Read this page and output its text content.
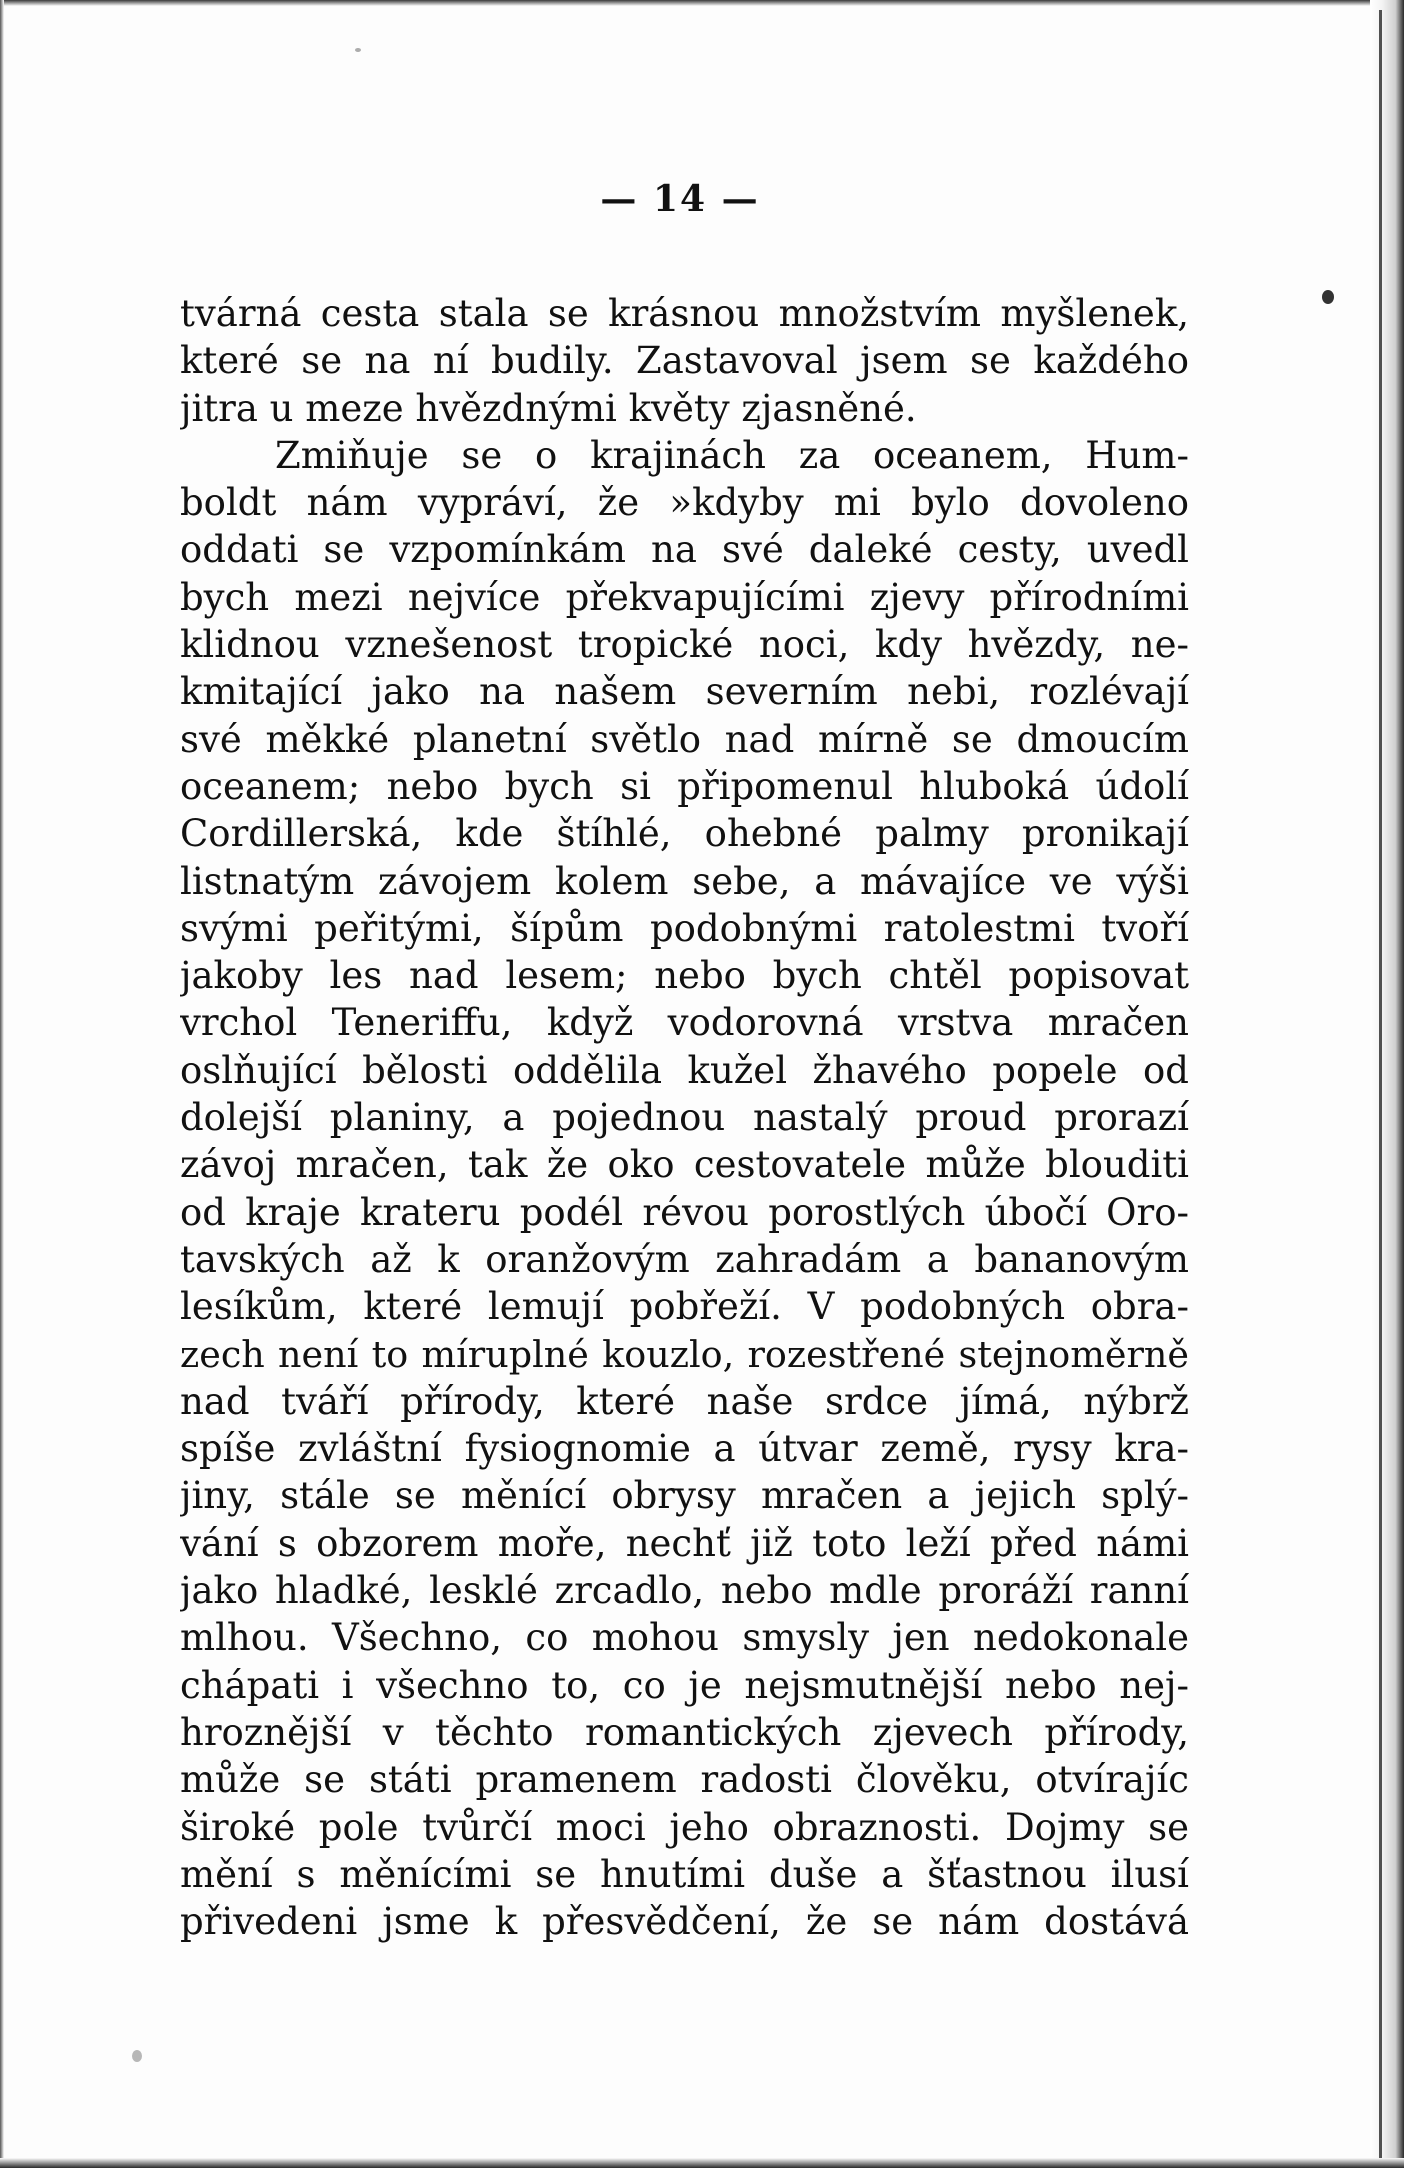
— 14 —
tvárná cesta stala se krásnou množstvím myšlenek,
které se na ní budily. Zastavoval jsem se každého
jitra u meze hvězdnými květy zjasněné.
Zmiňuje se o krajinách za oceanem, Hum-
boldt nám vypráví, že »kdyby mi bylo dovoleno
oddati se vzpomínkám na své daleké cesty, uvedl
bych mezi nejvíce překvapujícími zjevy přírodními
klidnou vznešenost tropické noci, kdy hvězdy, ne-
kmitající jako na našem severním nebi, rozlévají
své měkké planetní světlo nad mírně se dmoucím
oceanem; nebo bych si připomenul hluboká údolí
Cordillerská, kde štíhlé, ohebné palmy pronikají
listnatým závojem kolem sebe, a mávajíce ve výši
svými peřitými, šípům podobnými ratolestmi tvoří
jakoby les nad lesem; nebo bych chtěl popisovat
vrchol Teneriffu, když vodorovná vrstva mračen
oslňující bělosti oddělila kužel žhavého popele od
dolejší planiny, a pojednou nastalý proud prorazí
závoj mračen, tak že oko cestovatele může blouditi
od kraje krateru podél révou porostlých úbočí Oro-
tavských až k oranžovým zahradám a bananovým
lesíkům, které lemují pobřeží. V podobných obra-
zech není to míruplné kouzlo, rozestřené stejnoměrně
nad tváří přírody, které naše srdce jímá, nýbrž
spíše zvláštní fysiognomie a útvar země, rysy kra-
jiny, stále se měnící obrysy mračen a jejich splý-
vání s obzorem moře, nechť již toto leží před námi
jako hladké, lesklé zrcadlo, nebo mdle proráží ranní
mlhou. Všechno, co mohou smysly jen nedokonale
chápati i všechno to, co je nejsmutnější nebo nej-
hroznější v těchto romantických zjevech přírody,
může se státi pramenem radosti člověku, otvírajíc
široké pole tvůrčí moci jeho obraznosti. Dojmy se
mění s měnícími se hnutími duše a šťastnou ilusí
přivedeni jsme k přesvědčení, že se nám dostává
